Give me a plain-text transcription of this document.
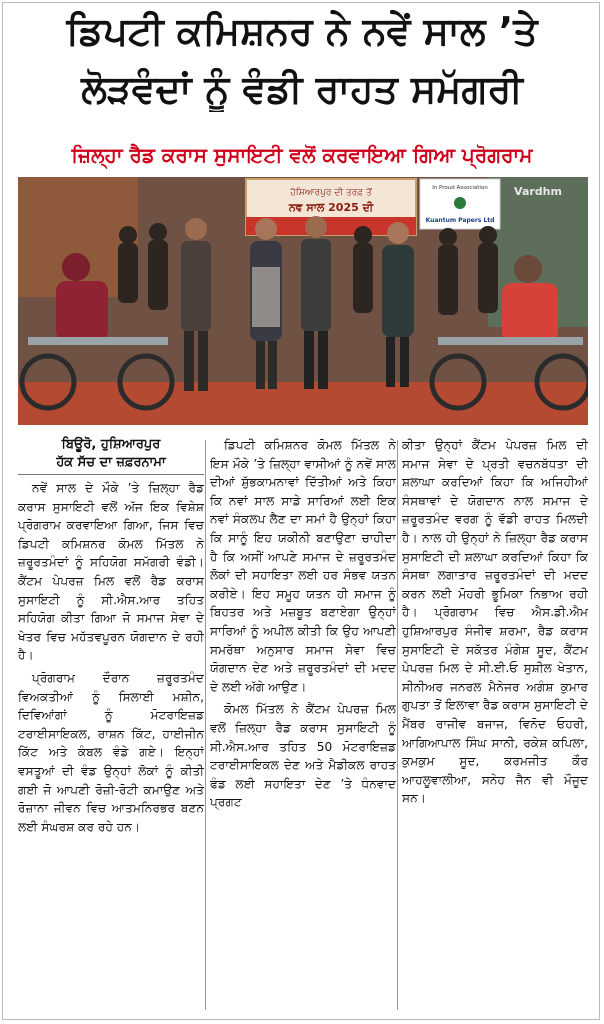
ਡਿਪਟੀ ਕਮਿਸ਼ਨਰ ਨੇ ਨਵੇਂ ਸਾਲ ’ਤੇ
ਲੋੜਵੰਦਾਂ ਨੂੰ ਵੰਡੀ ਰਾਹਤ ਸਮੱਗਰੀ
ਜ਼ਿਲ੍ਹਾ ਰੈਡ ਕਰਾਸ ਸੁਸਾਇਟੀ ਵਲੋਂ ਕਰਵਾਇਆ ਗਿਆ ਪ੍ਰੋਗਰਾਮ
ਹੋਸ਼ਿਆਰਪੁਰ ਦੀ ਤਰਫ਼ ਤੋਂ
ਨਵ ਸਾਲ 2025 ਦੀ
In Proud Association
Kuantum Papers Ltd
Vardhm
ਬਿਊਰੋ, ਹੁਸ਼ਿਆਰਪੁਰ
ਹੱਕ ਸੱਚ ਦਾ ਜ਼ਫ਼ਰਨਾਮਾ

ਨਵੇਂ ਸਾਲ ਦੇ ਮੌਕੇ ’ਤੇ ਜ਼ਿਲ੍ਹਾ ਰੈਡ ਕਰਾਸ ਸੁਸਾਇਟੀ ਵਲੋਂ ਅੱਜ ਇਕ ਵਿਸ਼ੇਸ਼ ਪ੍ਰੋਗਰਾਮ ਕਰਵਾਇਆ ਗਿਆ, ਜਿਸ ਵਿਚ ਡਿਪਟੀ ਕਮਿਸ਼ਨਰ ਕੋਮਲ ਮਿੱਤਲ ਨੇ ਜ਼ਰੂਰਤਮੰਦਾਂ ਨੂੰ ਸਹਿਯੋਗ ਸਮੱਗਰੀ ਵੰਡੀ। ਕੈਂਟਮ ਪੇਪਰਜ਼ ਮਿਲ ਵਲੋਂ ਰੈਡ ਕਰਾਸ ਸੁਸਾਇਟੀ ਨੂੰ ਸੀ.ਐਸ.ਆਰ ਤਹਿਤ ਸਹਿਯੋਗ ਕੀਤਾ ਗਿਆ ਜੋ ਸਮਾਜ ਸੇਵਾ ਦੇ ਖੇਤਰ ਵਿਚ ਮਹੱਤਵਪੂਰਨ ਯੋਗਦਾਨ ਦੇ ਰਹੀ ਹੈ।

ਪ੍ਰੋਗਰਾਮ ਦੌਰਾਨ ਜ਼ਰੂਰਤਮੰਦ ਵਿਅਕਤੀਆਂ ਨੂੰ ਸਿਲਾਈ ਮਸ਼ੀਨ, ਦਿਵਿਆਂਗਾਂ ਨੂੰ ਮੋਟਰਾਇਜ਼ਡ ਟਰਾਈਸਾਇਕਲ, ਰਾਸ਼ਨ ਕਿੱਟ, ਹਾਈਜੀਨ ਕਿੱਟ ਅਤੇ ਕੰਬਲ ਵੰਡੇ ਗਏ। ਇਨ੍ਹਾਂ ਵਸਤੂਆਂ ਦੀ ਵੰਡ ਉਨ੍ਹਾਂ ਲੋਕਾਂ ਨੂੰ ਕੀਤੀ ਗਈ ਜੋ ਆਪਣੀ ਰੋਜ਼ੀ-ਰੋਟੀ ਕਮਾਉਣ ਅਤੇ ਰੋਜ਼ਾਨਾ ਜੀਵਨ ਵਿਚ ਆਤਮਨਿਰਭਰ ਬਣਨ ਲਈ ਸੰਘਰਸ਼ ਕਰ ਰਹੇ ਹਨ।

ਡਿਪਟੀ ਕਮਿਸ਼ਨਰ ਕੋਮਲ ਮਿੱਤਲ ਨੇ ਇਸ ਮੌਕੇ ’ਤੇ ਜ਼ਿਲ੍ਹਾ ਵਾਸੀਆਂ ਨੂੰ ਨਵੇਂ ਸਾਲ ਦੀਆਂ ਸ਼ੁੱਭਕਾਮਨਾਵਾਂ ਦਿੱਤੀਆਂ ਅਤੇ ਕਿਹਾ ਕਿ ਨਵਾਂ ਸਾਲ ਸਾਡੇ ਸਾਰਿਆਂ ਲਈ ਇਕ ਨਵਾਂ ਸੰਕਲਪ ਲੈਣ ਦਾ ਸਮਾਂ ਹੈ ਉਨ੍ਹਾਂ ਕਿਹਾ ਕਿ ਸਾਨੂੰ ਇਹ ਯਕੀਨੀ ਬਣਾਉਣਾ ਚਾਹੀਦਾ ਹੈ ਕਿ ਅਸੀਂ ਆਪਣੇ ਸਮਾਜ ਦੇ ਜ਼ਰੂਰਤਮੰਦ ਲੋਕਾਂ ਦੀ ਸਹਾਇਤਾ ਲਈ ਹਰ ਸੰਭਵ ਯਤਨ ਕਰੀਏ। ਇਹ ਸਮੂਹ ਯਤਨ ਹੀ ਸਮਾਜ ਨੂੰ ਬਿਹਤਰ ਅਤੇ ਮਜ਼ਬੂਤ ਬਣਾਏਗਾ ਉਨ੍ਹਾਂ ਸਾਰਿਆਂ ਨੂੰ ਅਪੀਲ ਕੀਤੀ ਕਿ ਉਹ ਆਪਣੀ ਸਮਰੱਥਾ ਅਨੁਸਾਰ ਸਮਾਜ ਸੇਵਾ ਵਿਚ ਯੋਗਦਾਨ ਦੇਣ ਅਤੇ ਜ਼ਰੂਰਤਮੰਦਾਂ ਦੀ ਮਦਦ ਦੇ ਲਈ ਅੱਗੇ ਆਉਣ।

ਕੋਮਲ ਮਿੱਤਲ ਨੇ ਕੈਂਟਮ ਪੇਪਰਜ਼ ਮਿਲ ਵਲੋਂ ਜ਼ਿਲ੍ਹਾ ਰੈਡ ਕਰਾਸ ਸੁਸਾਇਟੀ ਨੂੰ ਸੀ.ਐਸ.ਆਰ ਤਹਿਤ 50 ਮੋਟਰਾਇਜ਼ਡ ਟਰਾਈਸਾਇਕਲ ਦੇਣ ਅਤੇ ਮੈਡੀਕਲ ਰਾਹਤ ਫੰਡ ਲਈ ਸਹਾਇਤਾ ਦੇਣ ’ਤੇ ਧੰਨਵਾਦ ਪ੍ਰਗਟ

ਕੀਤਾ ਉਨ੍ਹਾਂ ਕੈਂਟਮ ਪੇਪਰਜ਼ ਮਿਲ ਦੀ ਸਮਾਜ ਸੇਵਾ ਦੇ ਪ੍ਰਤੀ ਵਚਨਬੱਧਤਾ ਦੀ ਸ਼ਲਾਘਾ ਕਰਦਿਆਂ ਕਿਹਾ ਕਿ ਅਜਿਹੀਆਂ ਸੰਸਥਾਵਾਂ ਦੇ ਯੋਗਦਾਨ ਨਾਲ ਸਮਾਜ ਦੇ ਜ਼ਰੂਰਤਮੰਦ ਵਰਗ ਨੂੰ ਵੱਡੀ ਰਾਹਤ ਮਿਲਦੀ ਹੈ। ਨਾਲ ਹੀ ਉਨ੍ਹਾਂ ਨੇ ਜ਼ਿਲ੍ਹਾ ਰੈਡ ਕਰਾਸ ਸੁਸਾਇਟੀ ਦੀ ਸ਼ਲਾਘਾ ਕਰਦਿਆਂ ਕਿਹਾ ਕਿ ਸੰਸਥਾ ਲਗਾਤਾਰ ਜ਼ਰੂਰਤਮੰਦਾਂ ਦੀ ਮਦਦ ਕਰਨ ਲਈ ਮੋਹਰੀ ਭੂਮਿਕਾ ਨਿਭਾਅ ਰਹੀ ਹੈ। ਪ੍ਰੋਗਰਾਮ ਵਿਚ ਐਸ.ਡੀ.ਐਮ ਹੁਸ਼ਿਆਰਪੁਰ ਸੰਜੀਵ ਸ਼ਰਮਾ, ਰੈਡ ਕਰਾਸ ਸੁਸਾਇਟੀ ਦੇ ਸਕੱਤਰ ਮੰਗੇਸ਼ ਸੂਦ, ਕੈਂਟਮ ਪੇਪਰਜ਼ ਮਿਲ ਦੇ ਸੀ.ਈ.ਓ ਸੁਸ਼ੀਲ ਖੇਤਾਨ, ਸੀਨੀਅਰ ਜਨਰਲ ਮੈਨੇਜਰ ਅਗੰਸ਼ ਕੁਮਾਰ ਗੁਪਤਾ ਤੋਂ ਇਲਾਵਾ ਰੈਡ ਕਰਾਸ ਸੁਸਾਇਟੀ ਦੇ ਮੈਂਬਰ ਰਾਜੀਵ ਬਜਾਜ, ਵਿਨੋਦ ਓਹਰੀ, ਆਗਿਆਪਾਲ ਸਿੰਘ ਸਾਨੀ, ਰਕੇਸ਼ ਕਪਿਲਾ, ਕੁਮਕੁਮ ਸੂਦ, ਕਰਮਜੀਤ ਕੌਰ ਆਹਲੂਵਾਲੀਆ, ਸਨੇਹ ਜੈਨ ਵੀ ਮੌਜੂਦ ਸਨ।
